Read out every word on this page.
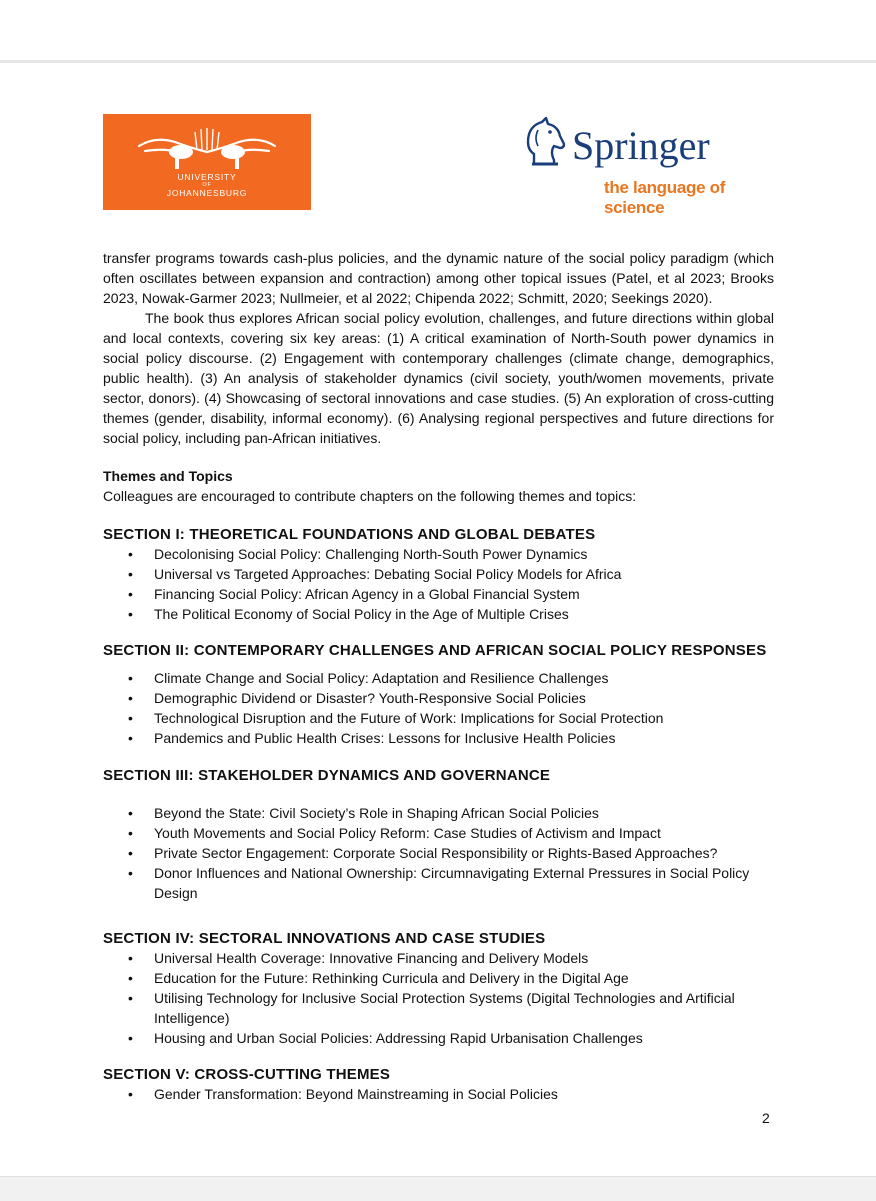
UNIVERSITY
OF
JOHANNESBURG
Springer
the language of science

transfer programs towards cash-plus policies, and the dynamic nature of the social policy paradigm (which often oscillates between expansion and contraction) among other topical issues (Patel, et al 2023; Brooks 2023, Nowak-Garmer 2023; Nullmeier, et al 2022; Chipenda 2022; Schmitt, 2020; Seekings 2020).

The book thus explores African social policy evolution, challenges, and future directions within global and local contexts, covering six key areas: (1) A critical examination of North-South power dynamics in social policy discourse. (2) Engagement with contemporary challenges (climate change, demographics, public health). (3) An analysis of stakeholder dynamics (civil society, youth/women movements, private sector, donors). (4) Showcasing of sectoral innovations and case studies. (5) An exploration of cross-cutting themes (gender, disability, informal economy). (6) Analysing regional perspectives and future directions for social policy, including pan-African initiatives.

Themes and Topics

Colleagues are encouraged to contribute chapters on the following themes and topics:

SECTION I: THEORETICAL FOUNDATIONS AND GLOBAL DEBATES

• Decolonising Social Policy: Challenging North-South Power Dynamics
• Universal vs Targeted Approaches: Debating Social Policy Models for Africa
• Financing Social Policy: African Agency in a Global Financial System
• The Political Economy of Social Policy in the Age of Multiple Crises

SECTION II: CONTEMPORARY CHALLENGES AND AFRICAN SOCIAL POLICY RESPONSES

• Climate Change and Social Policy: Adaptation and Resilience Challenges
• Demographic Dividend or Disaster? Youth-Responsive Social Policies
• Technological Disruption and the Future of Work: Implications for Social Protection
• Pandemics and Public Health Crises: Lessons for Inclusive Health Policies

SECTION III: STAKEHOLDER DYNAMICS AND GOVERNANCE

• Beyond the State: Civil Society’s Role in Shaping African Social Policies
• Youth Movements and Social Policy Reform: Case Studies of Activism and Impact
• Private Sector Engagement: Corporate Social Responsibility or Rights-Based Approaches?
• Donor Influences and National Ownership: Circumnavigating External Pressures in Social Policy Design

SECTION IV: SECTORAL INNOVATIONS AND CASE STUDIES

• Universal Health Coverage: Innovative Financing and Delivery Models
• Education for the Future: Rethinking Curricula and Delivery in the Digital Age
• Utilising Technology for Inclusive Social Protection Systems (Digital Technologies and Artificial Intelligence)
• Housing and Urban Social Policies: Addressing Rapid Urbanisation Challenges

SECTION V: CROSS-CUTTING THEMES

• Gender Transformation: Beyond Mainstreaming in Social Policies
2
